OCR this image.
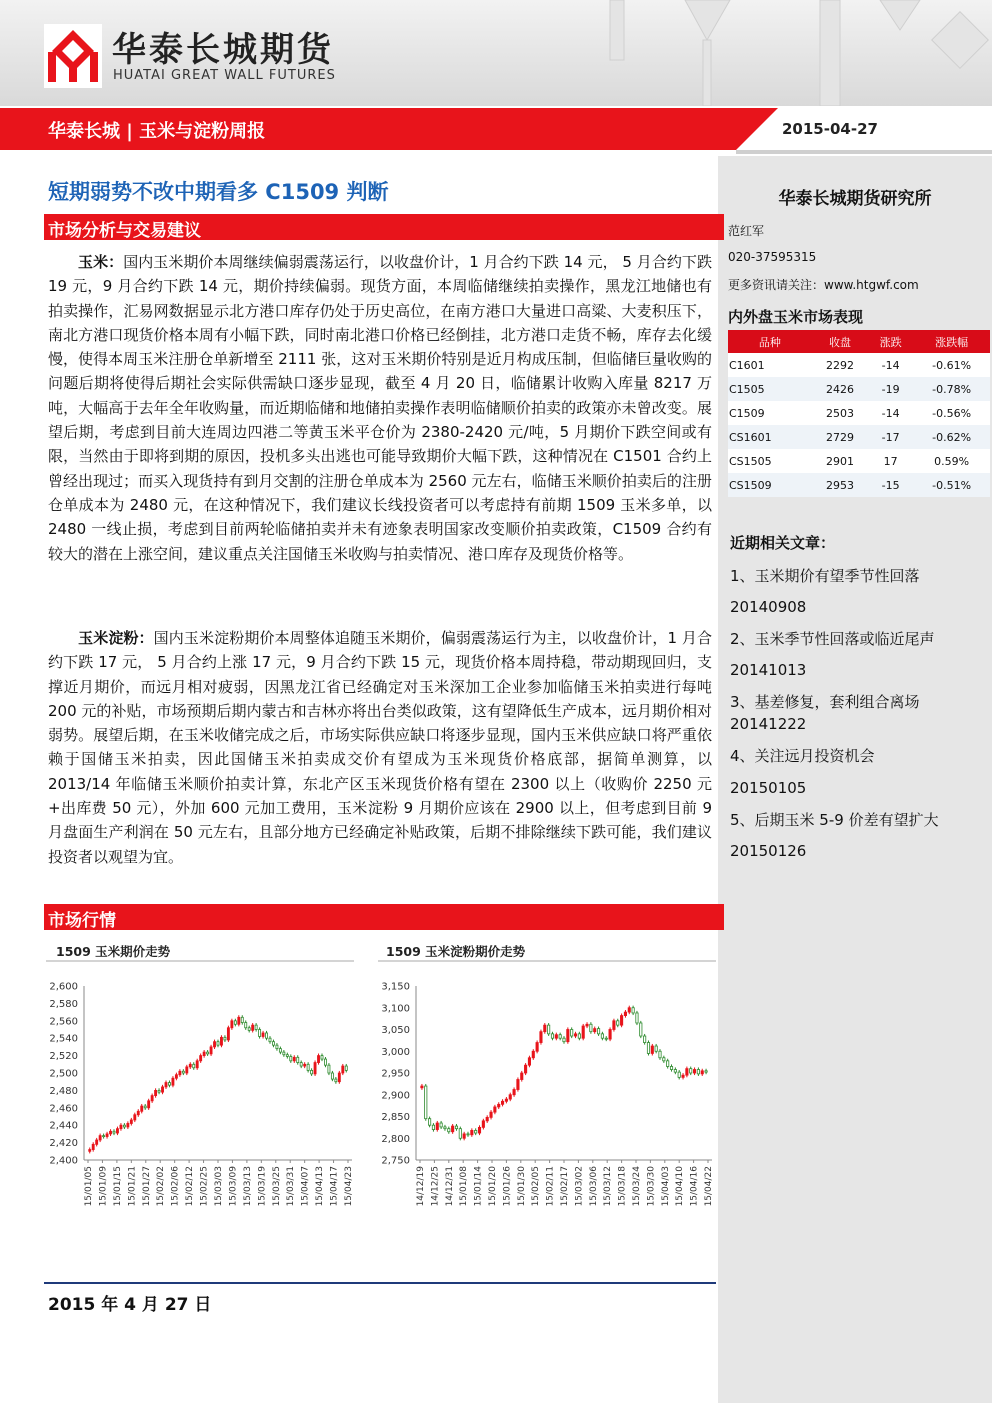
华泰长城期货
HUATAI GREAT WALL FUTURES
华泰长城 | 玉米与淀粉周报	2015-04-27
华泰长城期货研究所
范红军
020-37595315
更多资讯请关注：www.htgwf.com
内外盘玉米市场表现
品种	收盘	涨跌	涨跌幅
C1601	2292	-14	-0.61%
C1505	2426	-19	-0.78%
C1509	2503	-14	-0.56%
CS1601	2729	-17	-0.62%
CS1505	2901	17	0.59%
CS1509	2953	-15	-0.51%
近期相关文章：
1、玉米期价有望季节性回落
20140908
2、玉米季节性回落或临近尾声
20141013
3、基差修复，套利组合离场
20141222
4、关注远月投资机会
20150105
5、后期玉米 5-9 价差有望扩大
20150126
短期弱势不改中期看多 C1509 判断
市场分析与交易建议
玉米：国内玉米期价本周继续偏弱震荡运行，以收盘价计，1 月合约下跌 14 元， 5 月合约下跌 19 元，9 月合约下跌 14 元，期价持续偏弱。现货方面，本周临储继续拍卖操作，黑龙江地储也有拍卖操作，汇易网数据显示北方港口库存仍处于历史高位，在南方港口大量进口高粱、大麦积压下，南北方港口现货价格本周有小幅下跌，同时南北港口价格已经倒挂，北方港口走货不畅，库存去化缓慢，使得本周玉米注册仓单新增至 2111 张，这对玉米期价特别是近月构成压制，但临储巨量收购的问题后期将使得后期社会实际供需缺口逐步显现，截至 4 月 20 日，临储累计收购入库量 8217 万吨，大幅高于去年全年收购量，而近期临储和地储拍卖操作表明临储顺价拍卖的政策亦未曾改变。展望后期，考虑到目前大连周边四港二等黄玉米平仓价为 2380-2420 元/吨，5 月期价下跌空间或有限，当然由于即将到期的原因，投机多头出逃也可能导致期价大幅下跌，这种情况在 C1501 合约上曾经出现过；而买入现货持有到月交割的注册仓单成本为 2560 元左右，临储玉米顺价拍卖后的注册仓单成本为 2480 元，在这种情况下，我们建议长线投资者可以考虑持有前期 1509 玉米多单，以 2480 一线止损，考虑到目前两轮临储拍卖并未有迹象表明国家改变顺价拍卖政策，C1509 合约有较大的潜在上涨空间，建议重点关注国储玉米收购与拍卖情况、港口库存及现货价格等。
玉米淀粉：国内玉米淀粉期价本周整体追随玉米期价，偏弱震荡运行为主，以收盘价计，1 月合约下跌 17 元， 5 月合约上涨 17 元，9 月合约下跌 15 元，现货价格本周持稳，带动期现回归，支撑近月期价，而远月相对疲弱，因黑龙江省已经确定对玉米深加工企业参加临储玉米拍卖进行每吨 200 元的补贴，市场预期后期内蒙古和吉林亦将出台类似政策，这有望降低生产成本，远月期价相对弱势。展望后期，在玉米收储完成之后，市场实际供应缺口将逐步显现，国内玉米供应缺口将严重依赖于国储玉米拍卖，因此国储玉米拍卖成交价有望成为玉米现货价格底部，据简单测算，以 2013/14 年临储玉米顺价拍卖计算，东北产区玉米现货价格有望在 2300 以上（收购价 2250 元+出库费 50 元），外加 600 元加工费用，玉米淀粉 9 月期价应该在 2900 以上，但考虑到目前 9 月盘面生产利润在 50 元左右，且部分地方已经确定补贴政策，后期不排除继续下跌可能，我们建议投资者以观望为宜。
市场行情
1509 玉米期价走势
2,400
2,420
2,440
2,460
2,480
2,500
2,520
2,540
2,560
2,580
2,600
15/01/05 15/01/09 15/01/15 15/01/21 15/01/27 15/02/02 15/02/06 15/02/12 15/02/25 15/03/03 15/03/09 15/03/13 15/03/19 15/03/25 15/03/31 15/04/07 15/04/13 15/04/17 15/04/23
1509 玉米淀粉期价走势
2,750
2,800
2,850
2,900
2,950
3,000
3,050
3,100
3,150
14/12/19 14/12/25 14/12/31 15/01/08 15/01/14 15/01/20 15/01/26 15/01/30 15/02/05 15/02/11 15/02/17 15/03/02 15/03/06 15/03/12 15/03/18 15/03/24 15/03/30 15/04/03 15/04/10 15/04/16 15/04/22
2015 年 4 月 27 日
